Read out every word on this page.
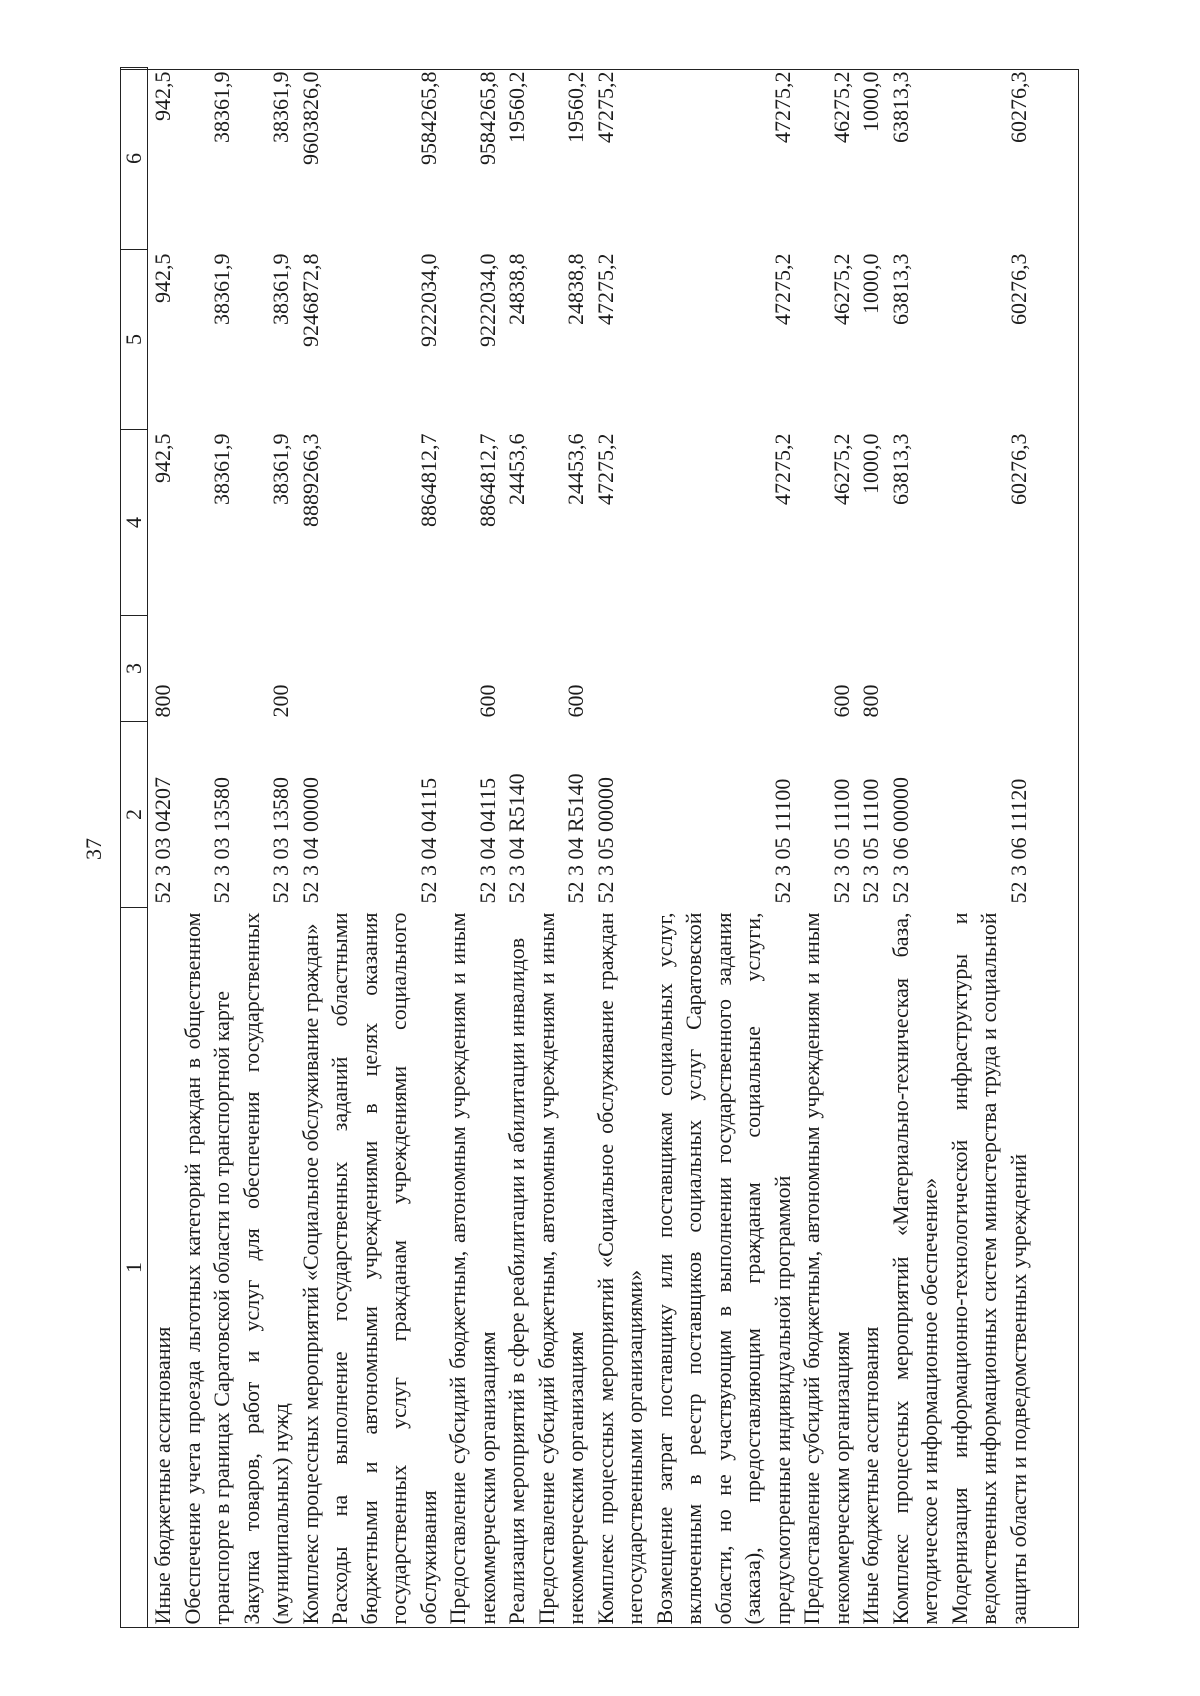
37
1	2	3	4	5	6
Иные бюджетные ассигнования	52 3 03 04207	800	942,5	942,5	942,5
Обеспечение учета проезда льготных категорий граждан в общественном транспорте в границах Саратовской области по транспортной карте	52 3 03 13580		38361,9	38361,9	38361,9
Закупка товаров, работ и услуг для обеспечения государственных (муниципальных) нужд	52 3 03 13580	200	38361,9	38361,9	38361,9
Комплекс процессных мероприятий «Социальное обслуживание граждан»	52 3 04 00000		8889266,3	9246872,8	9603826,0
Расходы на выполнение государственных заданий областными бюджетными и автономными учреждениями в целях оказания государственных услуг гражданам учреждениями социального обслуживания	52 3 04 04115		8864812,7	9222034,0	9584265,8
Предоставление субсидий бюджетным, автономным учреждениям и иным некоммерческим организациям	52 3 04 04115	600	8864812,7	9222034,0	9584265,8
Реализация мероприятий в сфере реабилитации и абилитации инвалидов	52 3 04 R5140		24453,6	24838,8	19560,2
Предоставление субсидий бюджетным, автономным учреждениям и иным некоммерческим организациям	52 3 04 R5140	600	24453,6	24838,8	19560,2
Комплекс процессных мероприятий «Социальное обслуживание граждан негосударственными организациями»	52 3 05 00000		47275,2	47275,2	47275,2
Возмещение затрат поставщику или поставщикам социальных услуг, включенным в реестр поставщиков социальных услуг Саратовской области, но не участвующим в выполнении государственного задания (заказа), предоставляющим гражданам социальные услуги, предусмотренные индивидуальной программой	52 3 05 11100		47275,2	47275,2	47275,2
Предоставление субсидий бюджетным, автономным учреждениям и иным некоммерческим организациям	52 3 05 11100	600	46275,2	46275,2	46275,2
Иные бюджетные ассигнования	52 3 05 11100	800	1000,0	1000,0	1000,0
Комплекс процессных мероприятий «Материально-техническая база, методическое и информационное обеспечение»	52 3 06 00000		63813,3	63813,3	63813,3
Модернизация информационно-технологической инфраструктуры и ведомственных информационных систем министерства труда и социальной защиты области и подведомственных учреждений	52 3 06 11120		60276,3	60276,3	60276,3
